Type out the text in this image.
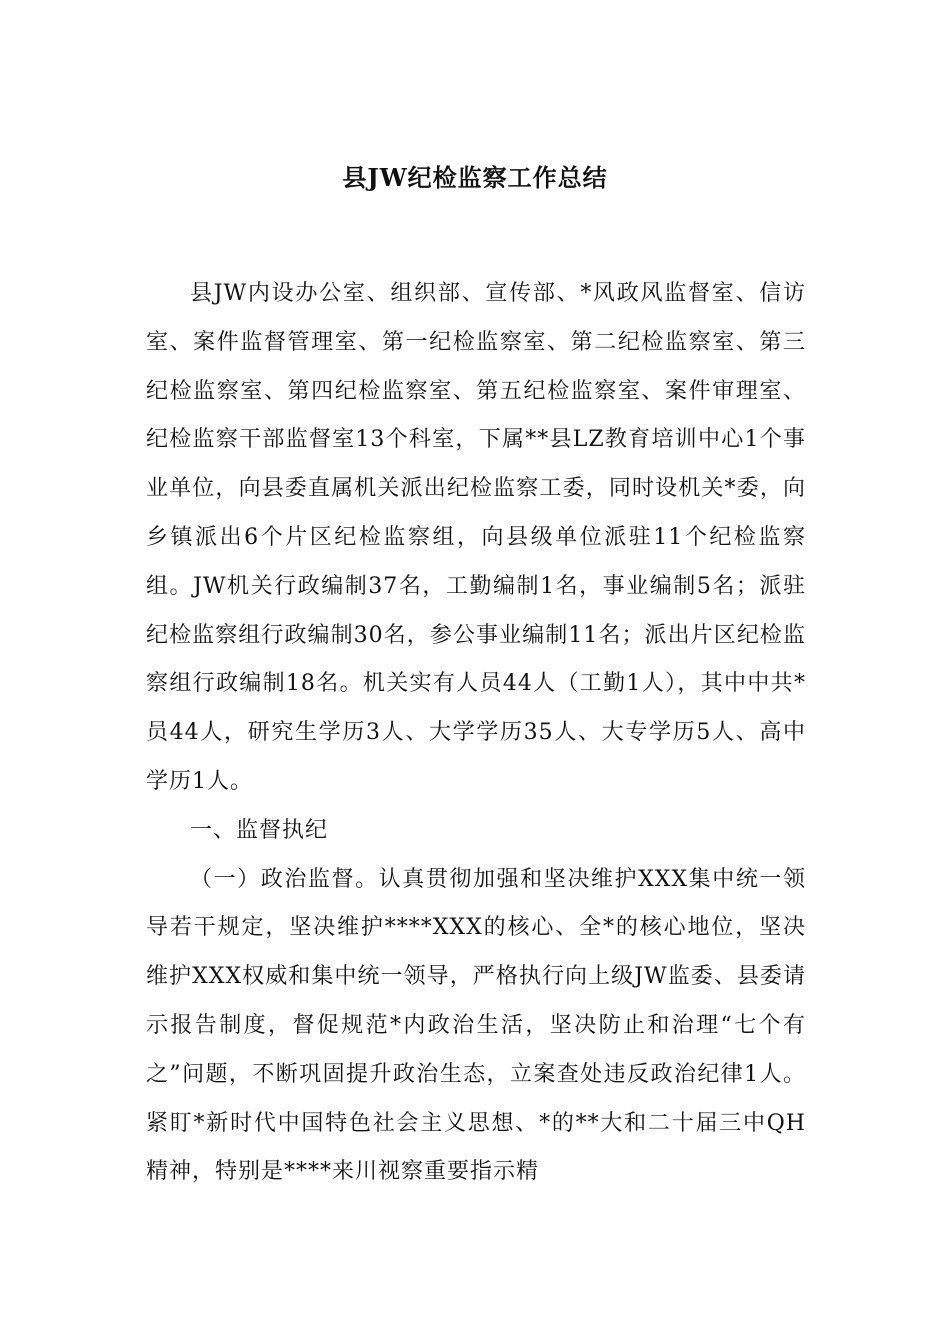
县JW纪检监察工作总结

县JW内设办公室、组织部、宣传部、*风政风监督室、信访室、案件监督管理室、第一纪检监察室、第二纪检监察室、第三纪检监察室、第四纪检监察室、第五纪检监察室、案件审理室、纪检监察干部监督室13个科室，下属**县LZ教育培训中心1个事业单位，向县委直属机关派出纪检监察工委，同时设机关*委，向乡镇派出6个片区纪检监察组，向县级单位派驻11个纪检监察组。JW机关行政编制37名，工勤编制1名，事业编制5名；派驻纪检监察组行政编制30名，参公事业编制11名；派出片区纪检监察组行政编制18名。机关实有人员44人（工勤1人），其中中共*员44人，研究生学历3人、大学学历35人、大专学历5人、高中学历1人。

一、监督执纪

（一）政治监督。认真贯彻加强和坚决维护XXX集中统一领导若干规定，坚决维护****XXX的核心、全*的核心地位，坚决维护XXX权威和集中统一领导，严格执行向上级JW监委、县委请示报告制度，督促规范*内政治生活，坚决防止和治理“七个有之”问题，不断巩固提升政治生态，立案查处违反政治纪律1人。紧盯*新时代中国特色社会主义思想、*的**大和二十届三中QH精神，特别是****来川视察重要指示精
